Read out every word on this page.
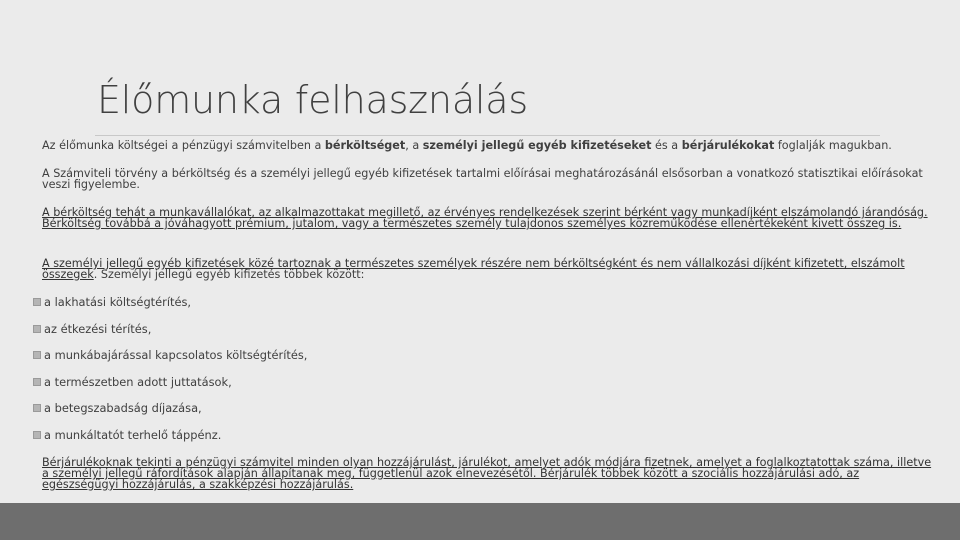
Élőmunka felhasználás

Az élőmunka költségei a pénzügyi számvitelben a bérköltséget, a személyi jellegű egyéb kifizetéseket és a bérjárulékokat foglalják magukban.

A Számviteli törvény a bérköltség és a személyi jellegű egyéb kifizetések tartalmi előírásai meghatározásánál elsősorban a vonatkozó statisztikai előírásokat veszi figyelembe.

A bérköltség tehát a munkavállalókat, az alkalmazottakat megillető, az érvényes rendelkezések szerint bérként vagy munkadíjként elszámolandó járandóság. Bérköltség továbbá a jóváhagyott prémium, jutalom, vagy a természetes személy tulajdonos személyes közreműködése ellenértékeként kivett összeg is.

A személyi jellegű egyéb kifizetések közé tartoznak a természetes személyek részére nem bérköltségként és nem vállalkozási díjként kifizetett, elszámolt összegek. Személyi jellegű egyéb kifizetés többek között:

a lakhatási költségtérítés,
az étkezési térítés,
a munkábajárással kapcsolatos költségtérítés,
a természetben adott juttatások,
a betegszabadság díjazása,
a munkáltatót terhelő táppénz.

Bérjárulékoknak tekinti a pénzügyi számvitel minden olyan hozzájárulást, járulékot, amelyet adók módjára fizetnek, amelyet a foglalkoztatottak száma, illetve a személyi jellegű ráfordítások alapján állapítanak meg, függetlenül azok elnevezésétől. Bérjárulék többek között a szociális hozzájárulási adó, az egészségügyi hozzájárulás, a szakképzési hozzájárulás.
